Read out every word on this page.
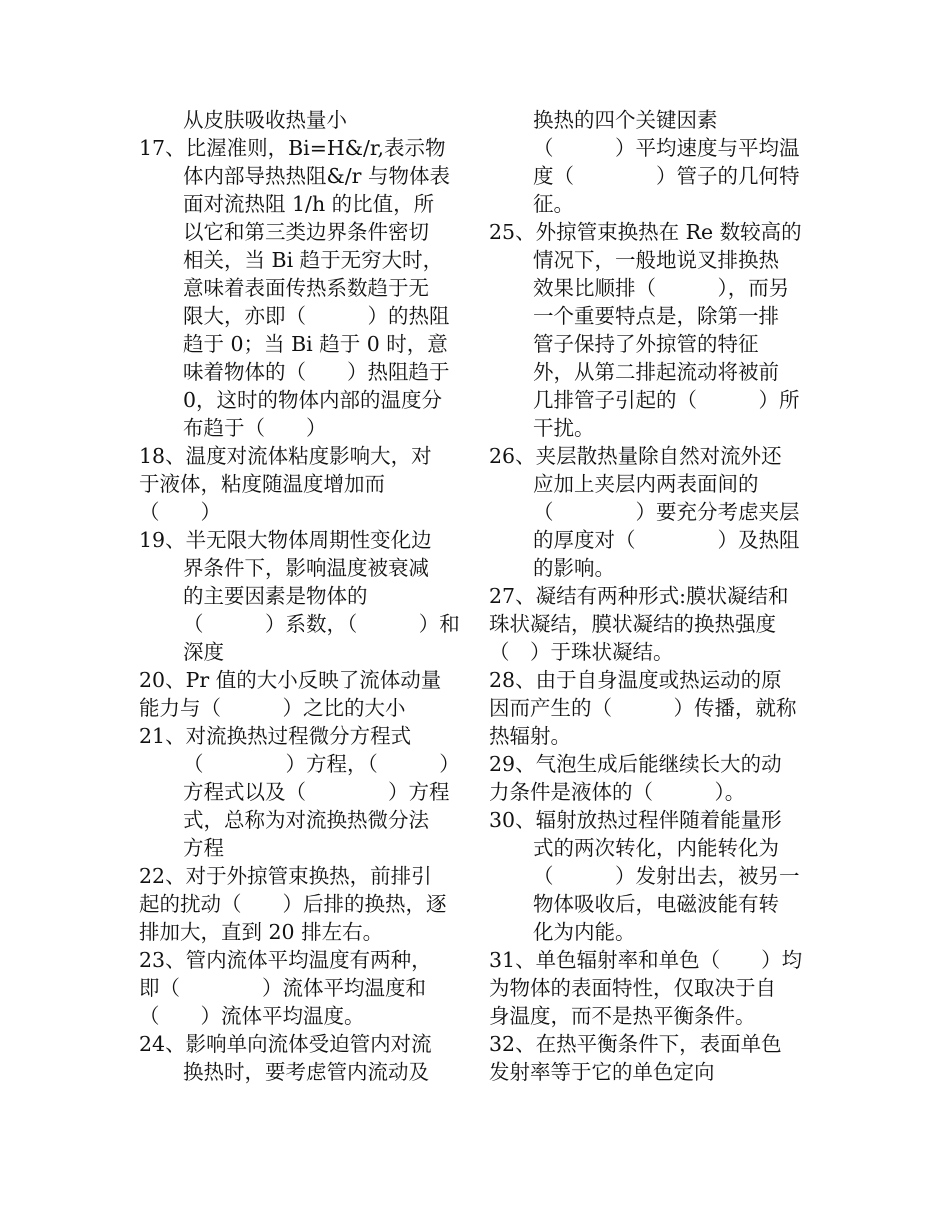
从皮肤吸收热量小
17、比渥准则，Bi=H&/r,表示物
体内部导热热阻&/r 与物体表
面对流热阻 1/h 的比值，所
以它和第三类边界条件密切
相关，当 Bi 趋于无穷大时，
意味着表面传热系数趋于无
限大，亦即（　　　）的热阻
趋于 0；当 Bi 趋于 0 时，意
味着物体的（　　）热阻趋于
0，这时的物体内部的温度分
布趋于（　　）
18、温度对流体粘度影响大，对
于液体，粘度随温度增加而
（　　）
19、半无限大物体周期性变化边
界条件下，影响温度被衰减
的主要因素是物体的
（　　　）系数，（　　　）和
深度
20、Pr 值的大小反映了流体动量
能力与（　　　）之比的大小
21、对流换热过程微分方程式
（　　　　）方程，（　　　）
方程式以及（　　　　）方程
式，总称为对流换热微分法
方程
22、对于外掠管束换热，前排引
起的扰动（　　）后排的换热，逐
排加大，直到 20 排左右。
23、管内流体平均温度有两种，
即（　　　　）流体平均温度和
（　　）流体平均温度。
24、影响单向流体受迫管内对流
换热时，要考虑管内流动及
换热的四个关键因素
（　　　）平均速度与平均温
度（　　　　）管子的几何特
征。
25、外掠管束换热在 Re 数较高的
情况下，一般地说叉排换热
效果比顺排（　　　），而另
一个重要特点是，除第一排
管子保持了外掠管的特征
外，从第二排起流动将被前
几排管子引起的（　　　）所
干扰。
26、夹层散热量除自然对流外还
应加上夹层内两表面间的
（　　　　）要充分考虑夹层
的厚度对（　　　　）及热阻
的影响。
27、凝结有两种形式:膜状凝结和
珠状凝结，膜状凝结的换热强度
（　）于珠状凝结。
28、由于自身温度或热运动的原
因而产生的（　　　）传播，就称
热辐射。
29、气泡生成后能继续长大的动
力条件是液体的（　　　）。
30、辐射放热过程伴随着能量形
式的两次转化，内能转化为
（　　　）发射出去，被另一
物体吸收后，电磁波能有转
化为内能。
31、单色辐射率和单色（　　）均
为物体的表面特性，仅取决于自
身温度，而不是热平衡条件。
32、在热平衡条件下，表面单色
发射率等于它的单色定向
